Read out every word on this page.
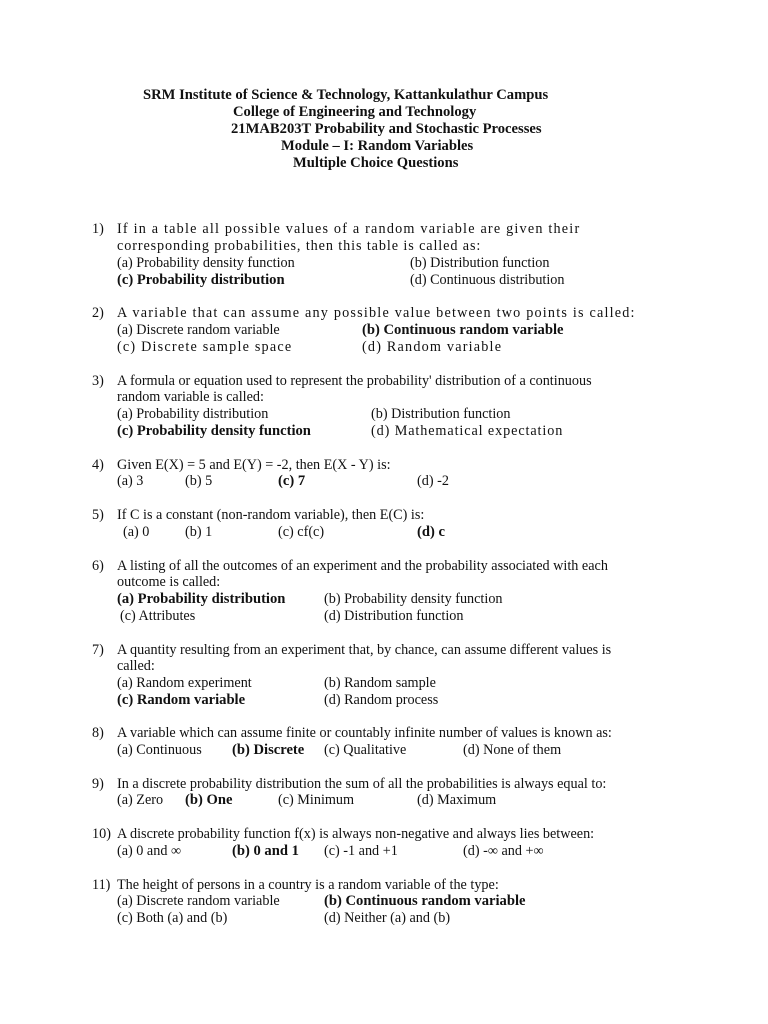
SRM Institute of Science & Technology, Kattankulathur Campus
College of Engineering and Technology
21MAB203T Probability and Stochastic Processes
Module – I: Random Variables
Multiple Choice Questions
1) If in a table all possible values of a random variable are given their
corresponding probabilities, then this table is called as:
(a) Probability density function	(b) Distribution function
(c) Probability distribution	(d) Continuous distribution
2) A variable that can assume any possible value between two points is called:
(a) Discrete random variable	(b) Continuous random variable
(c) Discrete sample space	(d) Random variable
3) A formula or equation used to represent the probability' distribution of a continuous
random variable is called:
(a) Probability distribution	(b) Distribution function
(c) Probability density function	(d) Mathematical expectation
4) Given E(X) = 5 and E(Y) = -2, then E(X - Y) is:
(a) 3	(b) 5	(c) 7	(d) -2
5) If C is a constant (non-random variable), then E(C) is:
(a) 0	(b) 1	(c) cf(c)	(d) c
6) A listing of all the outcomes of an experiment and the probability associated with each
outcome is called:
(a) Probability distribution	(b) Probability density function
(c) Attributes	(d) Distribution function
7) A quantity resulting from an experiment that, by chance, can assume different values is
called:
(a) Random experiment	(b) Random sample
(c) Random variable	(d) Random process
8) A variable which can assume finite or countably infinite number of values is known as:
(a) Continuous (b) Discrete (c) Qualitative	(d) None of them
9) In a discrete probability distribution the sum of all the probabilities is always equal to:
(a) Zero (b) One	(c) Minimum	(d) Maximum
10) A discrete probability function f(x) is always non-negative and always lies between:
(a) 0 and ∞	(b) 0 and 1 (c) -1 and +1	(d) -∞ and +∞
11) The height of persons in a country is a random variable of the type:
(a) Discrete random variable	(b) Continuous random variable
(c) Both (a) and (b)	(d) Neither (a) and (b)
